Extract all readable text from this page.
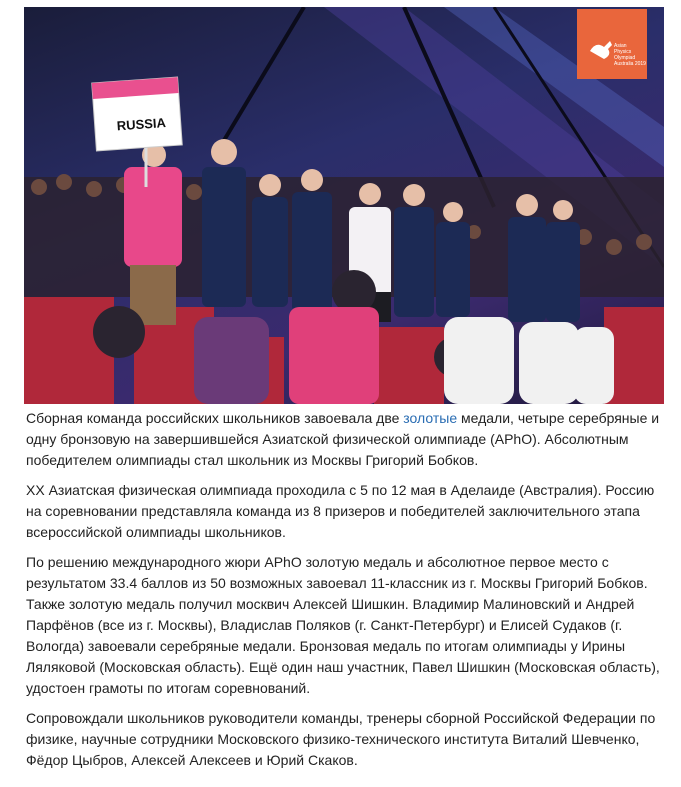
RUSSIA
Asian
Physics
Olympiad
Australia 2019

Сборная команда российских школьников завоевала две золотые медали, четыре серебряные и одну бронзовую на завершившейся Азиатской физической олимпиаде (APhO). Абсолютным победителем олимпиады стал школьник из Москвы Григорий Бобков.

XX Азиатская физическая олимпиада проходила с 5 по 12 мая в Аделаиде (Австралия). Россию на соревновании представляла команда из 8 призеров и победителей заключительного этапа всероссийской олимпиады школьников.

По решению международного жюри APhO золотую медаль и абсолютное первое место с результатом 33.4 баллов из 50 возможных завоевал 11-классник из г. Москвы Григорий Бобков. Также золотую медаль получил москвич Алексей Шишкин. Владимир Малиновский и Андрей Парфёнов (все из г. Москвы), Владислав Поляков (г. Санкт-Петербург) и Елисей Судаков (г. Вологда) завоевали серебряные медали. Бронзовая медаль по итогам олимпиады у Ирины Ляляковой (Московская область). Ещё один наш участник, Павел Шишкин (Московская область), удостоен грамоты по итогам соревнований.

Сопровождали школьников руководители команды, тренеры сборной Российской Федерации по физике, научные сотрудники Московского физико-технического института Виталий Шевченко, Фёдор Цыбров, Алексей Алексеев и Юрий Скаков.
